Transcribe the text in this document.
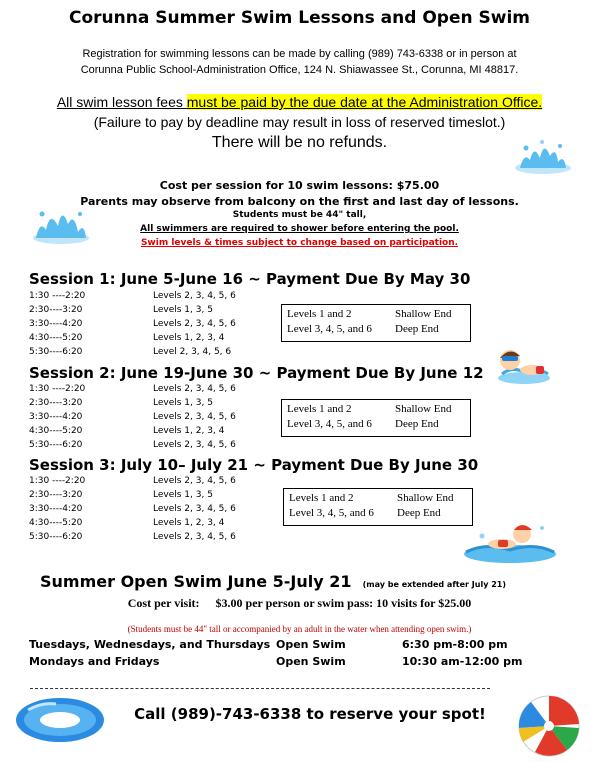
Corunna Summer Swim Lessons and Open Swim
Registration for swimming lessons can be made by calling (989) 743-6338 or in person at
Corunna Public School-Administration Office, 124 N. Shiawassee St., Corunna, MI 48817.
All swim lesson fees must be paid by the due date at the Administration Office.
(Failure to pay by deadline may result in loss of reserved timeslot.)
There will be no refunds.
Cost per session for 10 swim lessons: $75.00
Parents may observe from balcony on the first and last day of lessons.
Students must be 44" tall,
All swimmers are required to shower before entering the pool.
Swim levels & times subject to change based on participation.
Session 1: June 5-June 16 ~ Payment Due By May 30
1:30 ----2:20	Levels 2, 3, 4, 5, 6
2:30----3:20	Levels 1, 3, 5
3:30----4:20	Levels 2, 3, 4, 5, 6
4:30----5:20	Levels 1, 2, 3, 4
5:30----6:20	Level 2, 3, 4, 5, 6
Levels 1 and 2	Shallow End
Level 3, 4, 5, and 6 Deep End
Session 2: June 19-June 30 ~ Payment Due By June 12
1:30 ----2:20	Levels 2, 3, 4, 5, 6
2:30----3:20	Levels 1, 3, 5
3:30----4:20	Levels 2, 3, 4, 5, 6
4:30----5:20	Levels 1, 2, 3, 4
5:30----6:20	Levels 2, 3, 4, 5, 6
Levels 1 and 2	Shallow End
Level 3, 4, 5, and 6 Deep End
Session 3: July 10– July 21 ~ Payment Due By June 30
1:30 ----2:20	Levels 2, 3, 4, 5, 6
2:30----3:20	Levels 1, 3, 5
3:30----4:20	Levels 2, 3, 4, 5, 6
4:30----5:20	Levels 1, 2, 3, 4
5:30----6:20	Levels 2, 3, 4, 5, 6
Levels 1 and 2	Shallow End
Level 3, 4, 5, and 6 Deep End
Summer Open Swim June 5-July 21 (may be extended after July 21)
Cost per visit: $3.00 per person or swim pass: 10 visits for $25.00
(Students must be 44" tall or accompanied by an adult in the water when attending open swim.)
Tuesdays, Wednesdays, and Thursdays Open Swim	6:30 pm-8:00 pm
Mondays and Fridays	Open Swim	10:30 am-12:00 pm
Call (989)-743-6338 to reserve your spot!
